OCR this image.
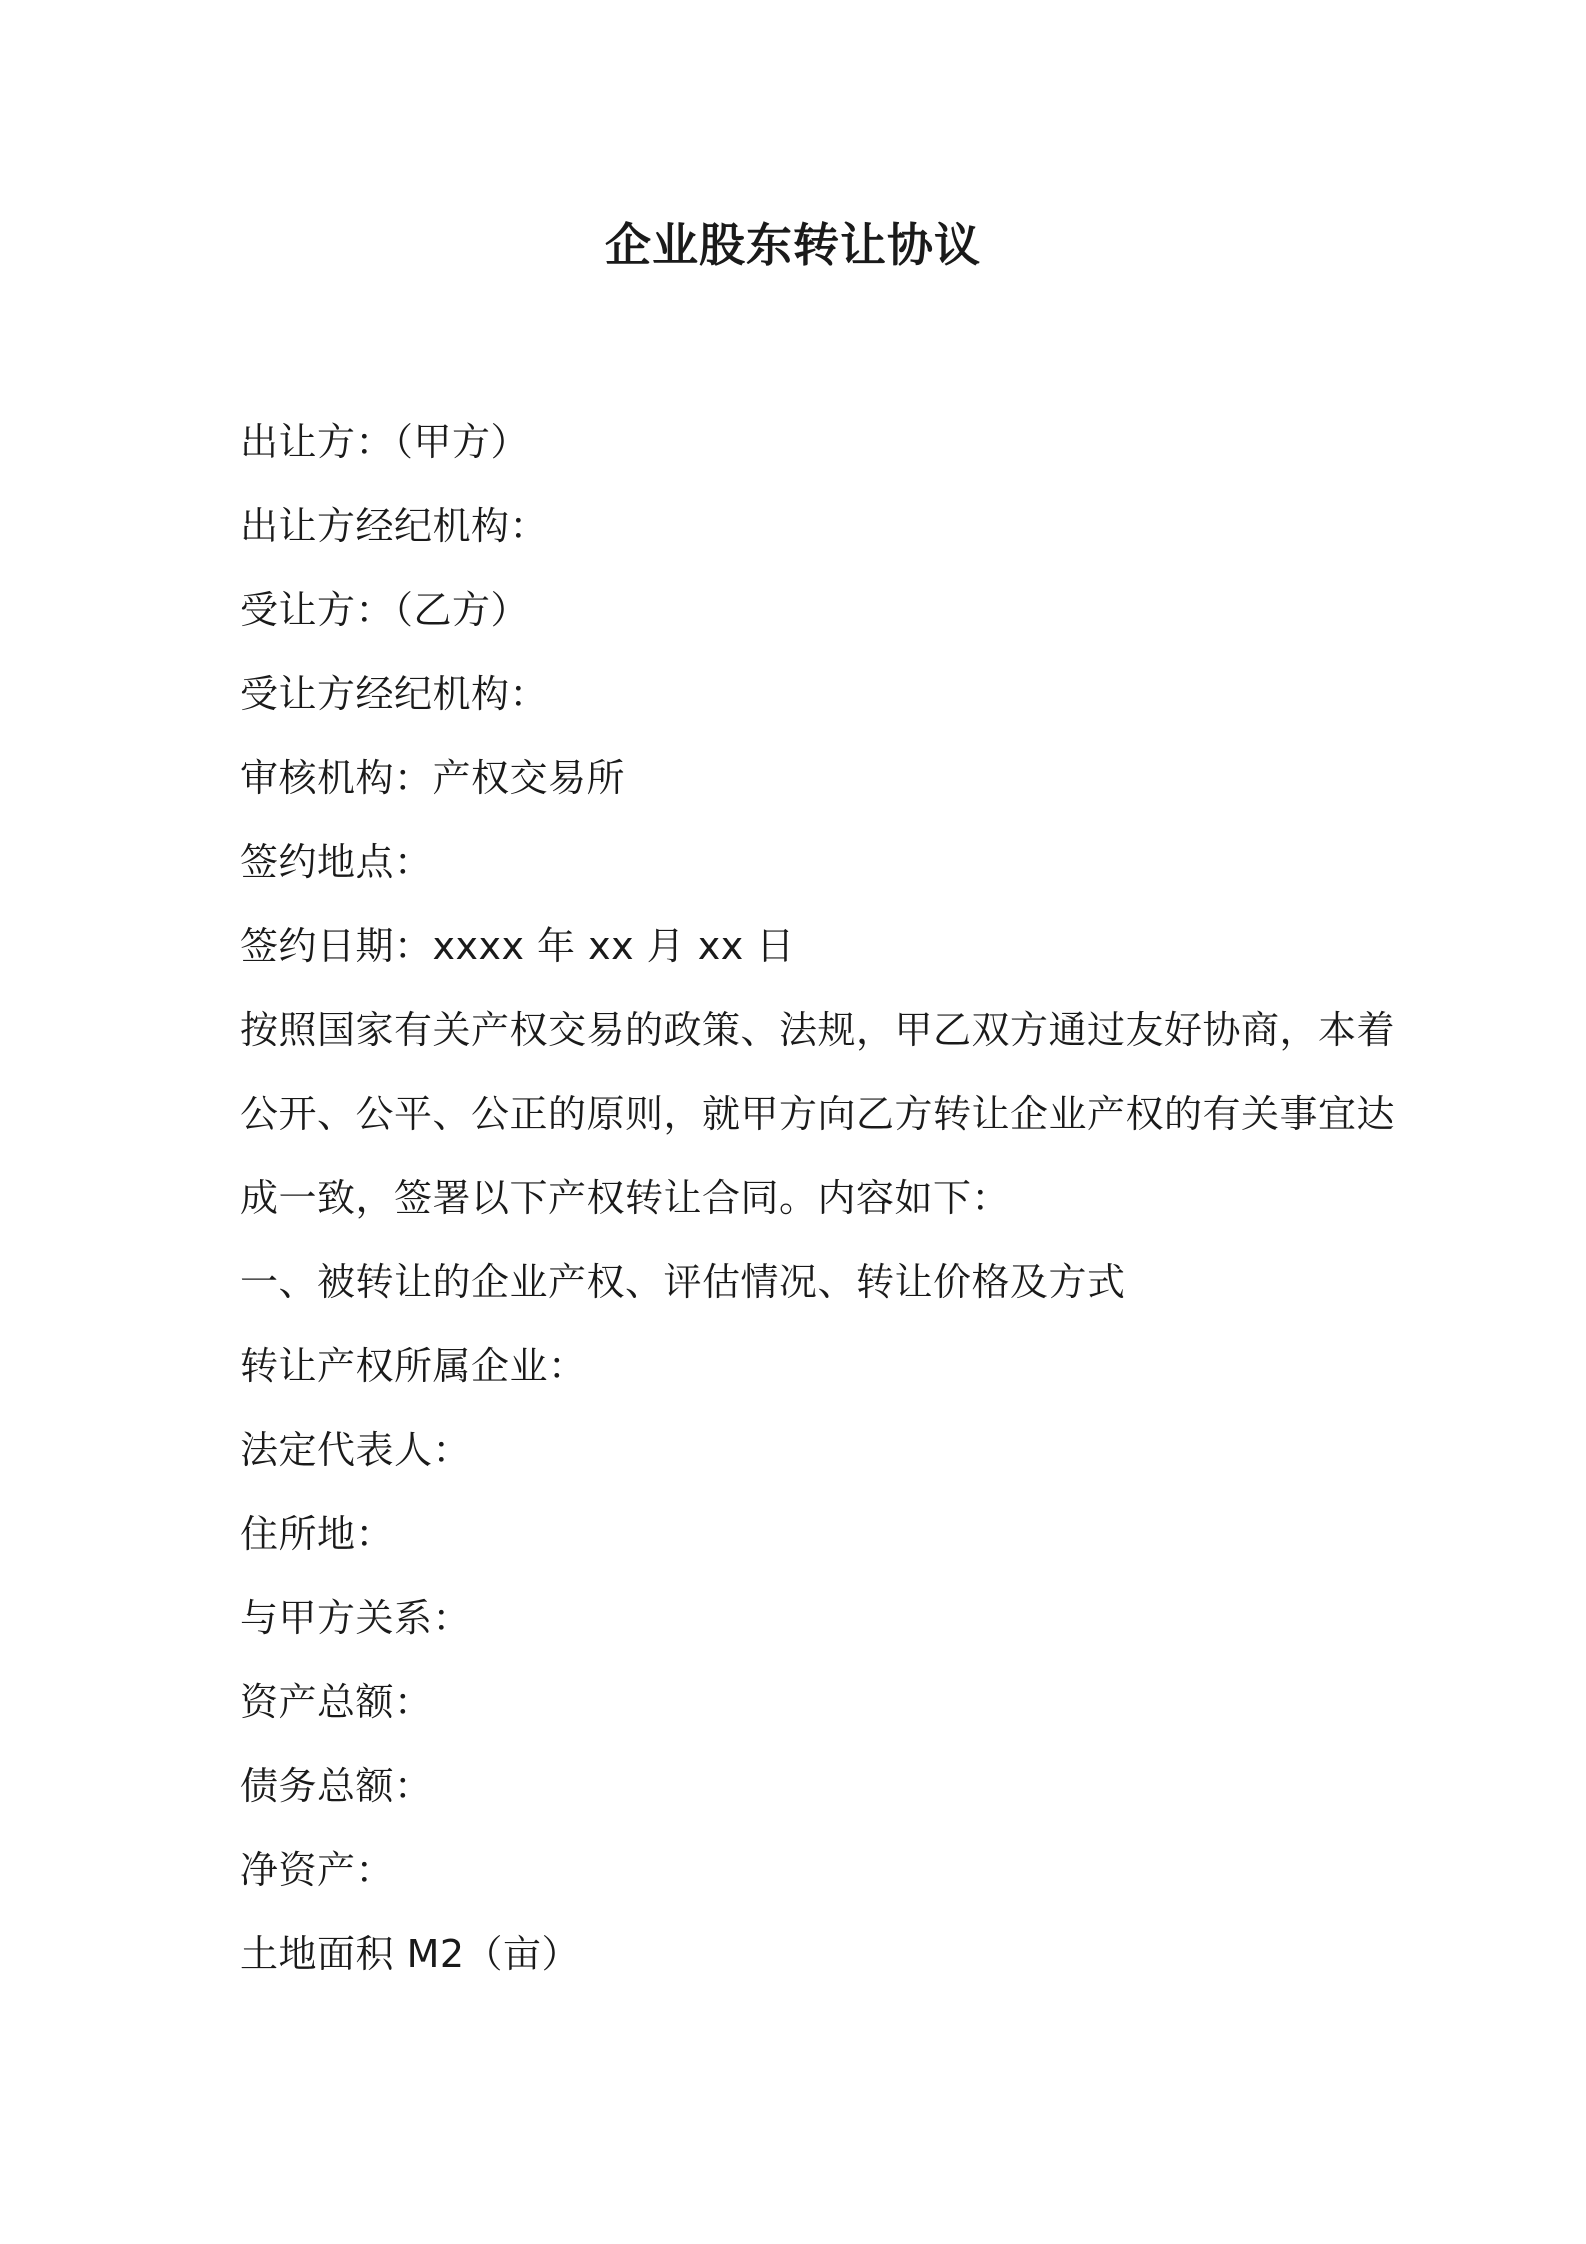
企业股东转让协议
出让方：（甲方）
出让方经纪机构：
受让方：（乙方）
受让方经纪机构：
审核机构：产权交易所
签约地点：
签约日期：xxxx 年 xx 月 xx 日
按照国家有关产权交易的政策、法规，甲乙双方通过友好协商，本着
公开、公平、公正的原则，就甲方向乙方转让企业产权的有关事宜达
成一致，签署以下产权转让合同。内容如下：
一、被转让的企业产权、评估情况、转让价格及方式
转让产权所属企业：
法定代表人：
住所地：
与甲方关系：
资产总额：
债务总额：
净资产：
土地面积 M2（亩）
